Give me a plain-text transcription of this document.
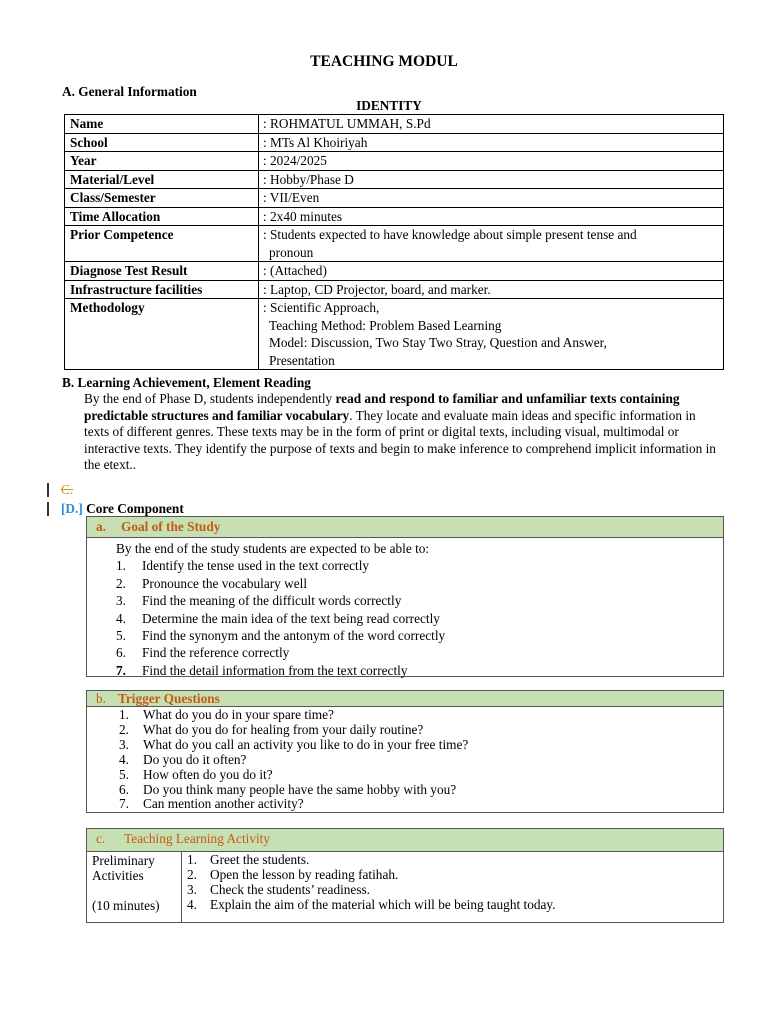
TEACHING MODUL
A. General Information
IDENTITY
Name	: ROHMATUL UMMAH, S.Pd

School	: MTs Al Khoiriyah

Year	: 2024/2025

Material/Level	: Hobby/Phase D

Class/Semester	: VII/Even

Time Allocation	: 2x40 minutes

Prior Competence	: Students expected to have knowledge about simple present tense and
pronoun

Diagnose Test Result	: (Attached)

Infrastructure facilities	: Laptop, CD Projector, board, and marker.

Methodology	: Scientific Approach,
Teaching Method: Problem Based Learning
Model: Discussion, Two Stay Two Stray, Question and Answer,
Presentation
B. Learning Achievement, Element Reading
By the end of Phase D, students independently read and respond to familiar and unfamiliar texts containing predictable structures and familiar vocabulary. They locate and evaluate main ideas and specific information in texts of different genres. These texts may be in the form of print or digital texts, including visual, multimodal or interactive texts. They identify the purpose of texts and begin to make inference to comprehend implicit information in the etext..
C.
[D.] Core Component
a. Goal of the Study
By the end of the study students are expected to be able to:
1.	Identify the tense used in the text correctly
2.	Pronounce the vocabulary well
3.	Find the meaning of the difficult words correctly
4.	Determine the main idea of the text being read correctly
5.	Find the synonym and the antonym of the word correctly
6.	Find the reference correctly
7.	Find the detail information from the text correctly
b. Trigger Questions
1.	What do you do in your spare time?
2.	What do you do for healing from your daily routine?
3.	What do you call an activity you like to do in your free time?
4.	Do you do it often?
5.	How often do you do it?
6.	Do you think many people have the same hobby with you?
7.	Can mention another activity?
c. Teaching Learning Activity
Preliminary
Activities
(10 minutes)
1. Greet the students.
2. Open the lesson by reading fatihah.
3. Check the students’ readiness.
4. Explain the aim of the material which will be being taught today.
